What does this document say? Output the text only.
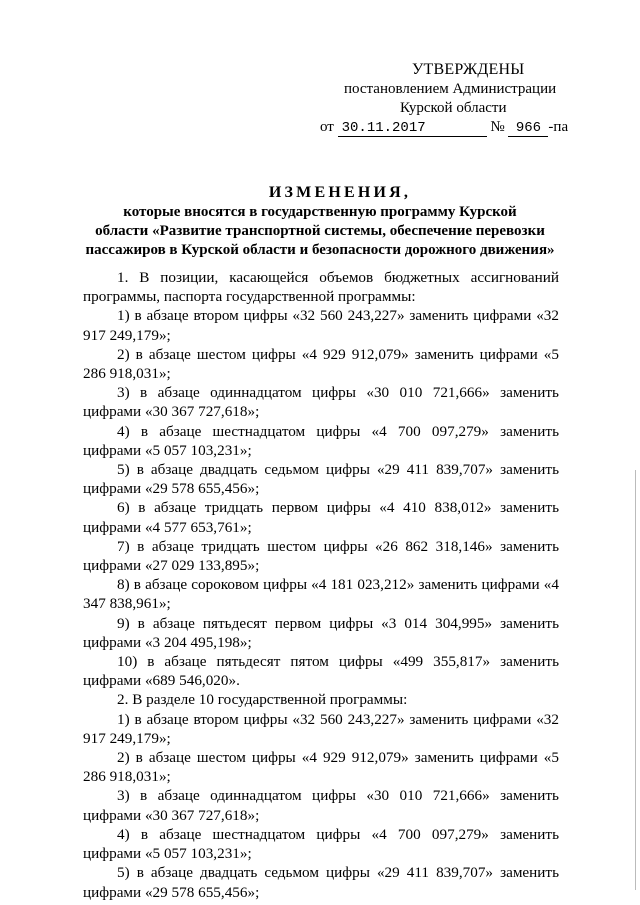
УТВЕРЖДЕНЫ
постановлением Администрации
Курской области
от 30.11.2017	№ 966 -па
ИЗМЕНЕНИЯ,
которые вносятся в государственную программу Курской
области «Развитие транспортной системы, обеспечение перевозки
пассажиров в Курской области и безопасности дорожного движения»

1. В позиции, касающейся объемов бюджетных ассигнований программы, паспорта государственной программы:

1) в абзаце втором цифры «32 560 243,227» заменить цифрами «32 917 249,179»;

2) в абзаце шестом цифры «4 929 912,079» заменить цифрами «5 286 918,031»;

3) в абзаце одиннадцатом цифры «30 010 721,666» заменить цифрами «30 367 727,618»;

4) в абзаце шестнадцатом цифры «4 700 097,279» заменить цифрами «5 057 103,231»;

5) в абзаце двадцать седьмом цифры «29 411 839,707» заменить цифрами «29 578 655,456»;

6) в абзаце тридцать первом цифры «4 410 838,012» заменить цифрами «4 577 653,761»;

7) в абзаце тридцать шестом цифры «26 862 318,146» заменить цифрами «27 029 133,895»;

8) в абзаце сороковом цифры «4 181 023,212» заменить цифрами «4 347 838,961»;

9) в абзаце пятьдесят первом цифры «3 014 304,995» заменить цифрами «3 204 495,198»;

10) в абзаце пятьдесят пятом цифры «499 355,817» заменить цифрами «689 546,020».

2. В разделе 10 государственной программы:

1) в абзаце втором цифры «32 560 243,227» заменить цифрами «32 917 249,179»;

2) в абзаце шестом цифры «4 929 912,079» заменить цифрами «5 286 918,031»;

3) в абзаце одиннадцатом цифры «30 010 721,666» заменить цифрами «30 367 727,618»;

4) в абзаце шестнадцатом цифры «4 700 097,279» заменить цифрами «5 057 103,231»;

5) в абзаце двадцать седьмом цифры «29 411 839,707» заменить цифрами «29 578 655,456»;
